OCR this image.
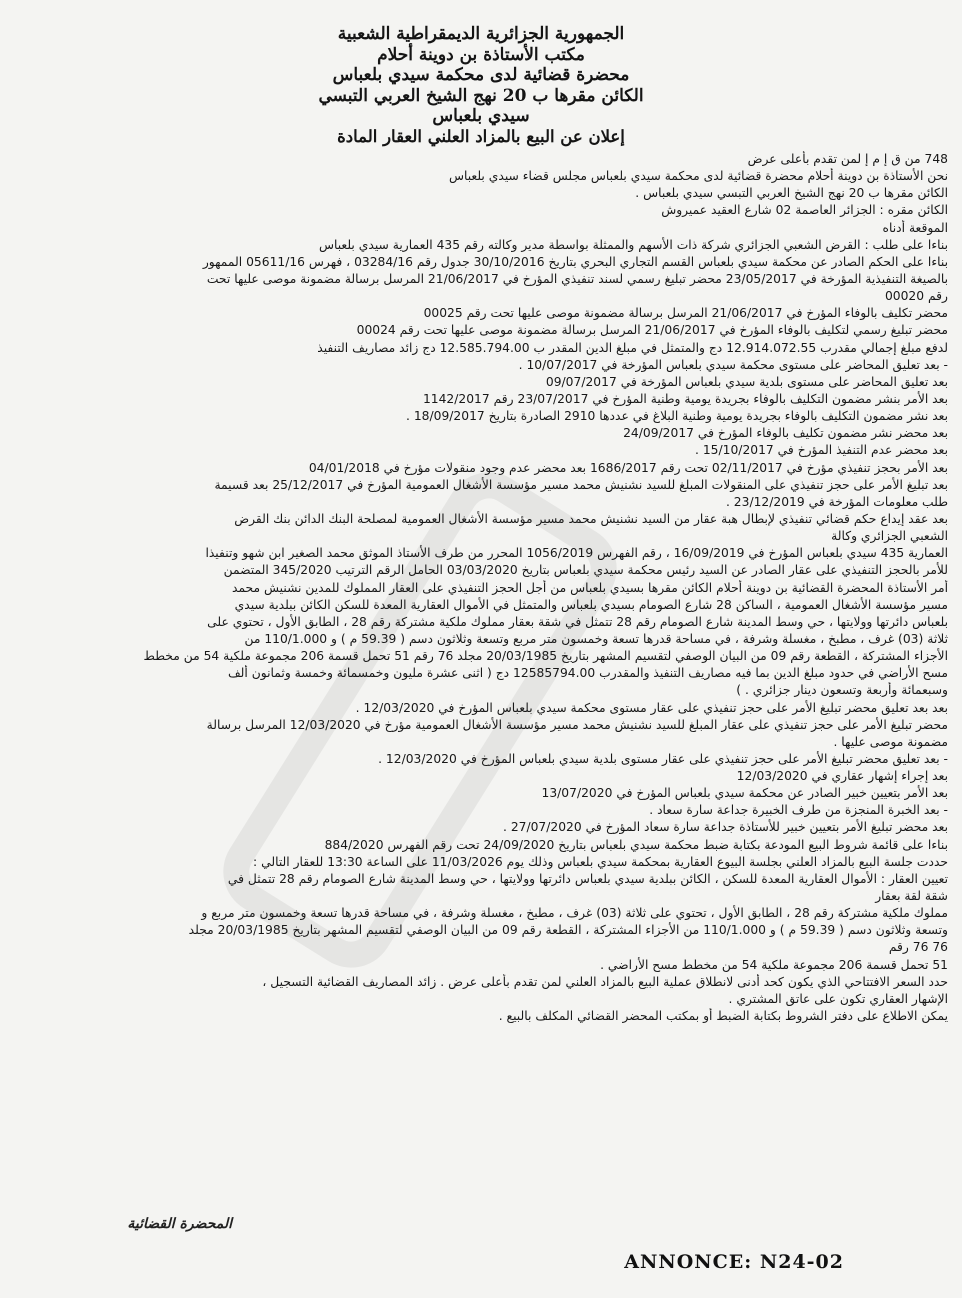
الجمهورية الجزائرية الديمقراطية الشعبية
مكتب الأستاذة بن دوينة أحلام
محضرة قضائية لدى محكمة سيدي بلعباس
الكائن مقرها ب 20 نهج الشيخ العربي التبسي
سيدي بلعباس
إعلان عن البيع بالمزاد العلني العقار المادة
748 من ق إ م إ لمن تقدم بأعلى عرض
نحن الأستاذة بن دوينة أحلام محضرة قضائية لدى محكمة سيدي بلعباس مجلس قضاء سيدي بلعباس
الكائن مقرها ب 20 نهج الشيخ العربي التبسي سيدي بلعباس .
الكائن مقره : الجزائر العاصمة 02 شارع العقيد عميروش
الموقعة أدناه
بناءا على طلب : القرض الشعبي الجزائري شركة ذات الأسهم والممثلة بواسطة مدير وكالته رقم 435 العمارية سيدي بلعباس
بناءا على الحكم الصادر عن محكمة سيدي بلعباس القسم التجاري البحري بتاريخ 30/10/2016 جدول رقم 03284/16 ، فهرس 05611/16 الممهور
بالصيغة التنفيذية المؤرخة في 23/05/2017 محضر تبليغ رسمي لسند تنفيذي المؤرخ في 21/06/2017 المرسل برسالة مضمونة موصى عليها تحت
رقم 00020
محضر تكليف بالوفاء المؤرخ في 21/06/2017 المرسل برسالة مضمونة موصى عليها تحت رقم 00025
محضر تبليغ رسمي لتكليف بالوفاء المؤرخ في 21/06/2017 المرسل برسالة مضمونة موصى عليها تحت رقم 00024
لدفع مبلغ إجمالي مقدرب 12.914.072.55 دج والمتمثل في مبلغ الدين المقدر ب 12.585.794.00 دج زائد مصاريف التنفيذ
- بعد تعليق المحاضر على مستوى محكمة سيدي بلعباس المؤرخة في 10/07/2017 .
بعد تعليق المحاضر على مستوى بلدية سيدي بلعباس المؤرخة في 09/07/2017
بعد الأمر بنشر مضمون التكليف بالوفاء بجريدة يومية وطنية المؤرخ في 23/07/2017 رقم 1142/2017
بعد نشر مضمون التكليف بالوفاء بجريدة يومية وطنية البلاغ في عددها 2910 الصادرة بتاريخ 18/09/2017 .
بعد محضر نشر مضمون تكليف بالوفاء المؤرخ في 24/09/2017
بعد محضر عدم التنفيذ المؤرخ في 15/10/2017 .
بعد الأمر بحجز تنفيذي مؤرخ في 02/11/2017 تحت رقم 1686/2017 بعد محضر عدم وجود منقولات مؤرخ في 04/01/2018
بعد تبليغ الأمر على حجز تنفيذي على المنقولات المبلغ للسيد نشنيش محمد مسير مؤسسة الأشغال العمومية المؤرخ في 25/12/2017 بعد قسيمة
طلب معلومات المؤرخة في 23/12/2019 .
بعد عقد إيداع حكم قضائي تنفيذي لإبطال هبة عقار من السيد نشنيش محمد مسير مؤسسة الأشغال العمومية لمصلحة البنك الدائن بنك القرض
الشعبي الجزائري وكالة
العمارية 435 سيدي بلعباس المؤرخ في 16/09/2019 ، رقم الفهرس 1056/2019 المحرر من طرف الأستاذ الموثق محمد الصغير ابن شهو وتنفيذا
للأمر بالحجز التنفيذي على عقار الصادر عن السيد رئيس محكمة سيدي بلعباس بتاريخ 03/03/2020 الحامل الرقم الترتيب 345/2020 المتضمن
أمر الأستاذة المحضرة القضائية بن دوينة أحلام الكائن مقرها بسيدي بلعباس من أجل الحجز التنفيذي على العقار المملوك للمدين نشنيش محمد
مسير مؤسسة الأشغال العمومية ، الساكن 28 شارع الصومام بسيدي بلعباس والمتمثل في الأموال العقارية المعدة للسكن الكائن ببلدية سيدي
بلعباس دائرتها وولايتها ، حي وسط المدينة شارع الصومام رقم 28 تتمثل في شقة بعقار مملوك ملكية مشتركة رقم 28 ، الطابق الأول ، تحتوي على
ثلاثة (03) غرف ، مطبخ ، مغسلة وشرفة ، في مساحة قدرها تسعة وخمسون متر مربع وتسعة وثلاثون دسم ( 59.39 م ) و 110/1.000 من
الأجزاء المشتركة ، القطعة رقم 09 من البيان الوصفي لتقسيم المشهر بتاريخ 20/03/1985 مجلد 76 رقم 51 تحمل قسمة 206 مجموعة ملكية 54 من مخطط
مسح الأراضي في حدود مبلغ الدين بما فيه مصاريف التنفيذ والمقدرب 12585794.00 دج ( اثنى عشرة مليون وخمسمائة وخمسة وثمانون ألف
وسبعمائة وأربعة وتسعون دينار جزائري . )
بعد بعد تعليق محضر تبليغ الأمر على حجز تنفيذي على عقار مستوى محكمة سيدي بلعباس المؤرخ في 12/03/2020 .
محضر تبليغ الأمر على حجز تنفيذي على عقار المبلغ للسيد نشنيش محمد مسير مؤسسة الأشغال العمومية مؤرخ في 12/03/2020 المرسل برسالة
مضمونة موصى عليها .
- بعد تعليق محضر تبليغ الأمر على حجز تنفيذي على عقار مستوى بلدية سيدي بلعباس المؤرخ في 12/03/2020 .
بعد إجراء إشهار عقاري في 12/03/2020
بعد الأمر بتعيين خبير الصادر عن محكمة سيدي بلعباس المؤرخ في 13/07/2020
- بعد الخبرة المنجزة من طرف الخبيرة جداعة سارة سعاد .
بعد محضر تبليغ الأمر بتعيين خبير للأستاذة جداعة سارة سعاد المؤرخ في 27/07/2020 .
بناءا على قائمة شروط البيع المودعة بكتابة ضبط محكمة سيدي بلعباس بتاريخ 24/09/2020 تحت رقم الفهرس 884/2020
حددت جلسة البيع بالمزاد العلني بجلسة البيوع العقارية بمحكمة سيدي بلعباس وذلك يوم 11/03/2026 على الساعة 13:30 للعقار التالي :
تعيين العقار : الأموال العقارية المعدة للسكن ، الكائن ببلدية سيدي بلعباس دائرتها وولايتها ، حي وسط المدينة شارع الصومام رقم 28 تتمثل في
شقة لقة بعقار
مملوك ملكية مشتركة رقم 28 ، الطابق الأول ، تحتوي على ثلاثة (03) غرف ، مطبخ ، مغسلة وشرفة ، في مساحة قدرها تسعة وخمسون متر مربع و
وتسعة وثلاثون دسم ( 59.39 م ) و 110/1.000 من الأجزاء المشتركة ، القطعة رقم 09 من البيان الوصفي لتقسيم المشهر بتاريخ 20/03/1985 مجلد
76 76 رقم
51 تحمل قسمة 206 مجموعة ملكية 54 من مخطط مسح الأراضي .
حدد السعر الافتتاحي الذي يكون كحد أدنى لانطلاق عملية البيع بالمزاد العلني لمن تقدم بأعلى عرض . زائد المصاريف القضائية التسجيل ،
الإشهار العقاري تكون على عاتق المشتري .
يمكن الاطلاع على دفتر الشروط بكتابة الضبط أو بمكتب المحضر القضائي المكلف بالبيع .
المحضرة القضائية
ANNONCE: N24-02
